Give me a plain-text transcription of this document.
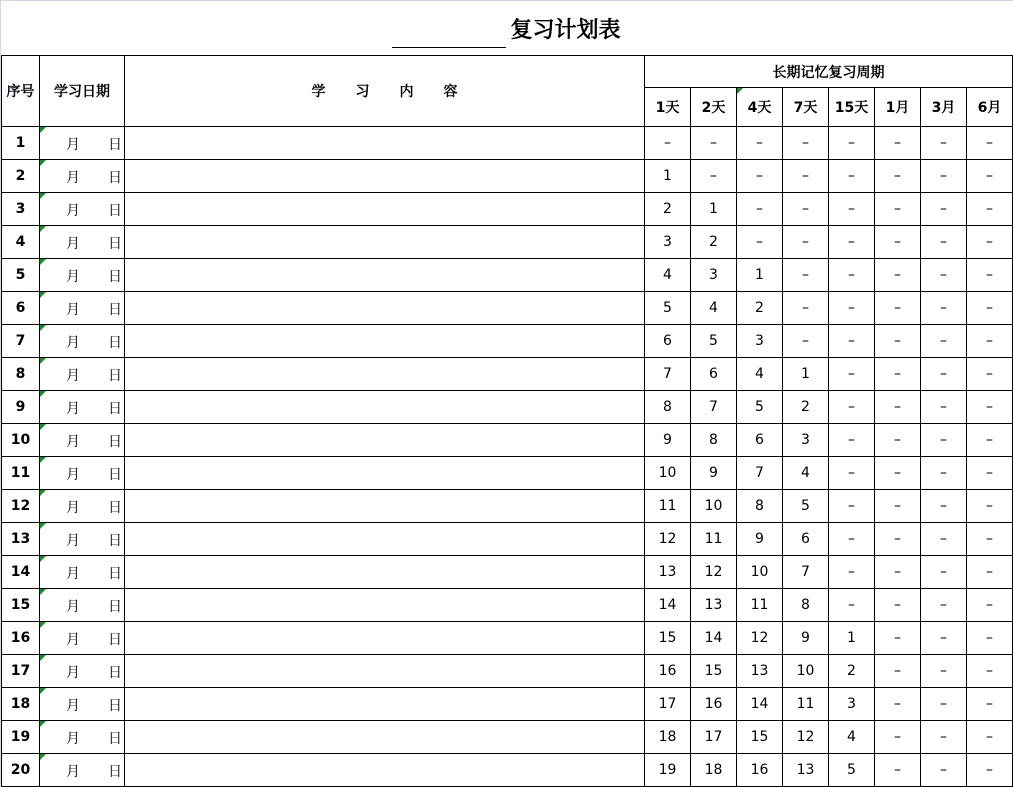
复习计划表
序号	学习日期	学 习 内 容	长期记忆复习周期							
			1天	2天	4天	7天	15天	1月	3月	6月
1	月 日		–	–	–	–	–	–	–	–
2	月 日		1	–	–	–	–	–	–	–
3	月 日		2	1	–	–	–	–	–	–
4	月 日		3	2	–	–	–	–	–	–
5	月 日		4	3	1	–	–	–	–	–
6	月 日		5	4	2	–	–	–	–	–
7	月 日		6	5	3	–	–	–	–	–
8	月 日		7	6	4	1	–	–	–	–
9	月 日		8	7	5	2	–	–	–	–
10	月 日		9	8	6	3	–	–	–	–
11	月 日		10	9	7	4	–	–	–	–
12	月 日		11	10	8	5	–	–	–	–
13	月 日		12	11	9	6	–	–	–	–
14	月 日		13	12	10	7	–	–	–	–
15	月 日		14	13	11	8	–	–	–	–
16	月 日		15	14	12	9	1	–	–	–
17	月 日		16	15	13	10	2	–	–	–
18	月 日		17	16	14	11	3	–	–	–
19	月 日		18	17	15	12	4	–	–	–
20	月 日		19	18	16	13	5	–	–	–
